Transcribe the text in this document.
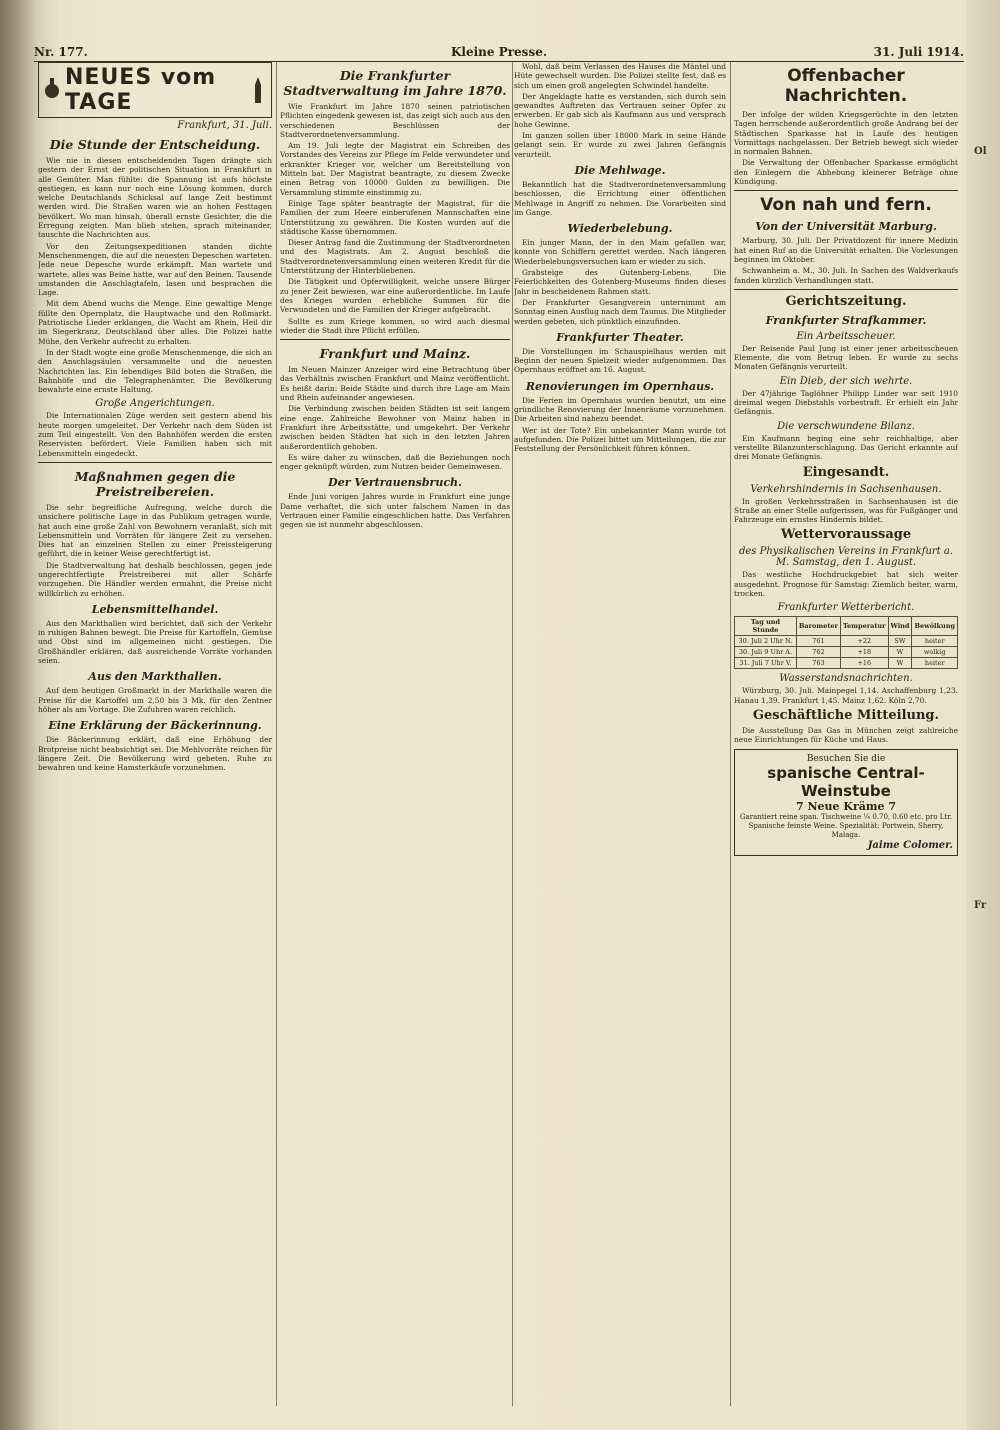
Ol
Fr
Nr. 177.	Kleine Presse.	31. Juli 1914.
NEUES vom TAGE
Frankfurt, 31. Juli.
Die Stunde der Entscheidung.

Wie nie in diesen entscheidenden Tagen drängte sich gestern der Ernst der politischen Situation in Frankfurt in alle Gemüter. Man fühlte: die Spannung ist aufs höchste gestiegen, es kann nur noch eine Lösung kommen, durch welche Deutschlands Schicksal auf lange Zeit bestimmt werden wird. Die Straßen waren wie an hohen Festtagen bevölkert. Wo man hinsah, überall ernste Gesichter, die die Erregung zeigten. Man blieb stehen, sprach miteinander, tauschte die Nachrichten aus.

Vor den Zeitungsexpeditionen standen dichte Menschenmengen, die auf die neuesten Depeschen warteten. Jede neue Depesche wurde erkämpft. Man wartete und wartete, alles was Beine hatte, war auf den Beinen. Tausende umstanden die Anschlagtafeln, lasen und besprachen die Lage.

Mit dem Abend wuchs die Menge. Eine gewaltige Menge füllte den Opernplatz, die Hauptwache und den Roßmarkt. Patriotische Lieder erklangen, die Wacht am Rhein, Heil dir im Siegerkranz, Deutschland über alles. Die Polizei hatte Mühe, den Verkehr aufrecht zu erhalten.

In der Stadt wogte eine große Menschenmenge, die sich an den Anschlagsäulen versammelte und die neuesten Nachrichten las. Ein lebendiges Bild boten die Straßen, die Bahnhöfe und die Telegraphenämter. Die Bevölkerung bewahrte eine ernste Haltung.

Große Angerichtungen.

Die Internationalen Züge werden seit gestern abend bis heute morgen umgeleitet. Der Verkehr nach dem Süden ist zum Teil eingestellt. Von den Bahnhöfen werden die ersten Reservisten befördert. Viele Familien haben sich mit Lebensmitteln eingedeckt.

Maßnahmen gegen die Preistreibereien.

Die sehr begreifliche Aufregung, welche durch die unsichere politische Lage in das Publikum getragen wurde, hat auch eine große Zahl von Bewohnern veranlaßt, sich mit Lebensmitteln und Vorräten für längere Zeit zu versehen. Dies hat an einzelnen Stellen zu einer Preissteigerung geführt, die in keiner Weise gerechtfertigt ist.

Die Stadtverwaltung hat deshalb beschlossen, gegen jede ungerechtfertigte Preistreiberei mit aller Schärfe vorzugehen. Die Händler werden ermahnt, die Preise nicht willkürlich zu erhöhen.

Lebensmittelhandel.

Aus den Markthallen wird berichtet, daß sich der Verkehr in ruhigen Bahnen bewegt. Die Preise für Kartoffeln, Gemüse und Obst sind im allgemeinen nicht gestiegen. Die Großhändler erklären, daß ausreichende Vorräte vorhanden seien.

Aus den Markthallen.

Auf dem heutigen Großmarkt in der Markthalle waren die Preise für die Kartoffel um 2,50 bis 3 Mk. für den Zentner höher als am Vortage. Die Zufuhren waren reichlich.

Eine Erklärung der Bäckerinnung.

Die Bäckerinnung erklärt, daß eine Erhöhung der Brotpreise nicht beabsichtigt sei. Die Mehlvorräte reichen für längere Zeit. Die Bevölkerung wird gebeten, Ruhe zu bewahren und keine Hamsterkäufe vorzunehmen.

Die Frankfurter Stadtverwaltung im Jahre 1870.

Wie Frankfurt im Jahre 1870 seinen patriotischen Pflichten eingedenk gewesen ist, das zeigt sich auch aus den verschiedenen Beschlüssen der Stadtverordnetenversammlung.

Am 19. Juli legte der Magistrat ein Schreiben des Vorstandes des Vereins zur Pflege im Felde verwundeter und erkrankter Krieger vor, welcher um Bereitstellung von Mitteln bat. Der Magistrat beantragte, zu diesem Zwecke einen Betrag von 10000 Gulden zu bewilligen. Die Versammlung stimmte einstimmig zu.

Einige Tage später beantragte der Magistrat, für die Familien der zum Heere einberufenen Mannschaften eine Unterstützung zu gewähren. Die Kosten wurden auf die städtische Kasse übernommen.

Dieser Antrag fand die Zustimmung der Stadtverordneten und des Magistrats. Am 2. August beschloß die Stadtverordnetenversammlung einen weiteren Kredit für die Unterstützung der Hinterbliebenen.

Die Tätigkeit und Opferwilligkeit, welche unsere Bürger zu jener Zeit bewiesen, war eine außerordentliche. Im Laufe des Krieges wurden erhebliche Summen für die Verwundeten und die Familien der Krieger aufgebracht.

Sollte es zum Kriege kommen, so wird auch diesmal wieder die Stadt ihre Pflicht erfüllen.

Frankfurt und Mainz.

Im Neuen Mainzer Anzeiger wird eine Betrachtung über das Verhältnis zwischen Frankfurt und Mainz veröffentlicht. Es heißt darin: Beide Städte sind durch ihre Lage am Main und Rhein aufeinander angewiesen.

Die Verbindung zwischen beiden Städten ist seit langem eine enge. Zahlreiche Bewohner von Mainz haben in Frankfurt ihre Arbeitsstätte, und umgekehrt. Der Verkehr zwischen beiden Städten hat sich in den letzten Jahren außerordentlich gehoben.

Es wäre daher zu wünschen, daß die Beziehungen noch enger geknüpft würden, zum Nutzen beider Gemeinwesen.

Der Vertrauensbruch.

Ende Juni vorigen Jahres wurde in Frankfurt eine junge Dame verhaftet, die sich unter falschem Namen in das Vertrauen einer Familie eingeschlichen hatte. Das Verfahren gegen sie ist nunmehr abgeschlossen.

Wohl, daß beim Verlassen des Hauses die Mäntel und Hüte gewechselt wurden. Die Polizei stellte fest, daß es sich um einen groß angelegten Schwindel handelte.

Der Angeklagte hatte es verstanden, sich durch sein gewandtes Auftreten das Vertrauen seiner Opfer zu erwerben. Er gab sich als Kaufmann aus und versprach hohe Gewinne.

Im ganzen sollen über 18000 Mark in seine Hände gelangt sein. Er wurde zu zwei Jahren Gefängnis verurteilt.

Die Mehlwage.

Bekanntlich hat die Stadtverordnetenversammlung beschlossen, die Errichtung einer öffentlichen Mehlwage in Angriff zu nehmen. Die Vorarbeiten sind im Gange.

Wiederbelebung.

Ein junger Mann, der in den Main gefallen war, konnte von Schiffern gerettet werden. Nach längeren Wiederbelebungsversuchen kam er wieder zu sich.

Grabsteige des Gutenberg-Lebens. Die Feierlichkeiten des Gutenberg-Museums finden dieses Jahr in bescheidenem Rahmen statt.

Der Frankfurter Gesangverein unternimmt am Sonntag einen Ausflug nach dem Taunus. Die Mitglieder werden gebeten, sich pünktlich einzufinden.

Frankfurter Theater.

Die Vorstellungen im Schauspielhaus werden mit Beginn der neuen Spielzeit wieder aufgenommen. Das Opernhaus eröffnet am 16. August.

Renovierungen im Opernhaus.

Die Ferien im Opernhaus wurden benutzt, um eine gründliche Renovierung der Innenräume vorzunehmen. Die Arbeiten sind nahezu beendet.

Wer ist der Tote? Ein unbekannter Mann wurde tot aufgefunden. Die Polizei bittet um Mitteilungen, die zur Feststellung der Persönlichkeit führen können.

Offenbacher Nachrichten.

Der infolge der wilden Kriegsgerüchte in den letzten Tagen herrschende außerordentlich große Andrang bei der Städtischen Sparkasse hat in Laufe des heutigen Vormittags nachgelassen. Der Betrieb bewegt sich wieder in normalen Bahnen.

Die Verwaltung der Offenbacher Sparkasse ermöglicht den Einlegern die Abhebung kleinerer Beträge ohne Kündigung.

Von nah und fern.
Von der Universität Marburg.

Marburg, 30. Juli. Der Privatdozent für innere Medizin hat einen Ruf an die Universität erhalten. Die Vorlesungen beginnen im Oktober.

Schwanheim a. M., 30. Juli. In Sachen des Waldverkaufs fanden kürzlich Verhandlungen statt.

Gerichtszeitung.
Frankfurter Strafkammer.
Ein Arbeitsscheuer.

Der Reisende Paul Jung ist einer jener arbeitsscheuen Elemente, die vom Betrug leben. Er wurde zu sechs Monaten Gefängnis verurteilt.

Ein Dieb, der sich wehrte.

Der 47jährige Taglöhner Philipp Linder war seit 1910 dreimal wegen Diebstahls vorbestraft. Er erhielt ein Jahr Gefängnis.

Die verschwundene Bilanz.

Ein Kaufmann beging eine sehr reichhaltige, aber verstellte Bilanzunterschlagung. Das Gericht erkannte auf drei Monate Gefängnis.

Eingesandt.
Verkehrshindernis in Sachsenhausen.

In großen Verkehrsstraßen in Sachsenhausen ist die Straße an einer Stelle aufgerissen, was für Fußgänger und Fahrzeuge ein ernstes Hindernis bildet.

Wettervoraussage
des Physikalischen Vereins in Frankfurt a. M. Samstag, den 1. August.

Das westliche Hochdruckgebiet hat sich weiter ausgedehnt. Prognose für Samstag: Ziemlich heiter, warm, trocken.

Frankfurter Wetterbericht.
Tag und Stunde	Barometer	Temperatur	Wind	Bewölkung
30. Juli 2 Uhr N.	761	+22	SW	heiter
30. Juli 9 Uhr A.	762	+18	W	wolkig
31. Juli 7 Uhr V.	763	+16	W	heiter
Wasserstandsnachrichten.

Würzburg, 30. Juli. Mainpegel 1,14. Aschaffenburg 1,23. Hanau 1,39. Frankfurt 1,45. Mainz 1,62. Köln 2,70.

Geschäftliche Mitteilung.

Die Ausstellung Das Gas in München zeigt zahlreiche neue Einrichtungen für Küche und Haus.

Besuchen Sie die
spanische Central-Weinstube
7 Neue Kräme 7
Garantiert reine span. Tischweine ¼ 0.70, 0.60 etc. pro Ltr. Spanische feinste Weine. Spezialität: Portwein, Sherry, Malaga.
Jaime Colomer.
